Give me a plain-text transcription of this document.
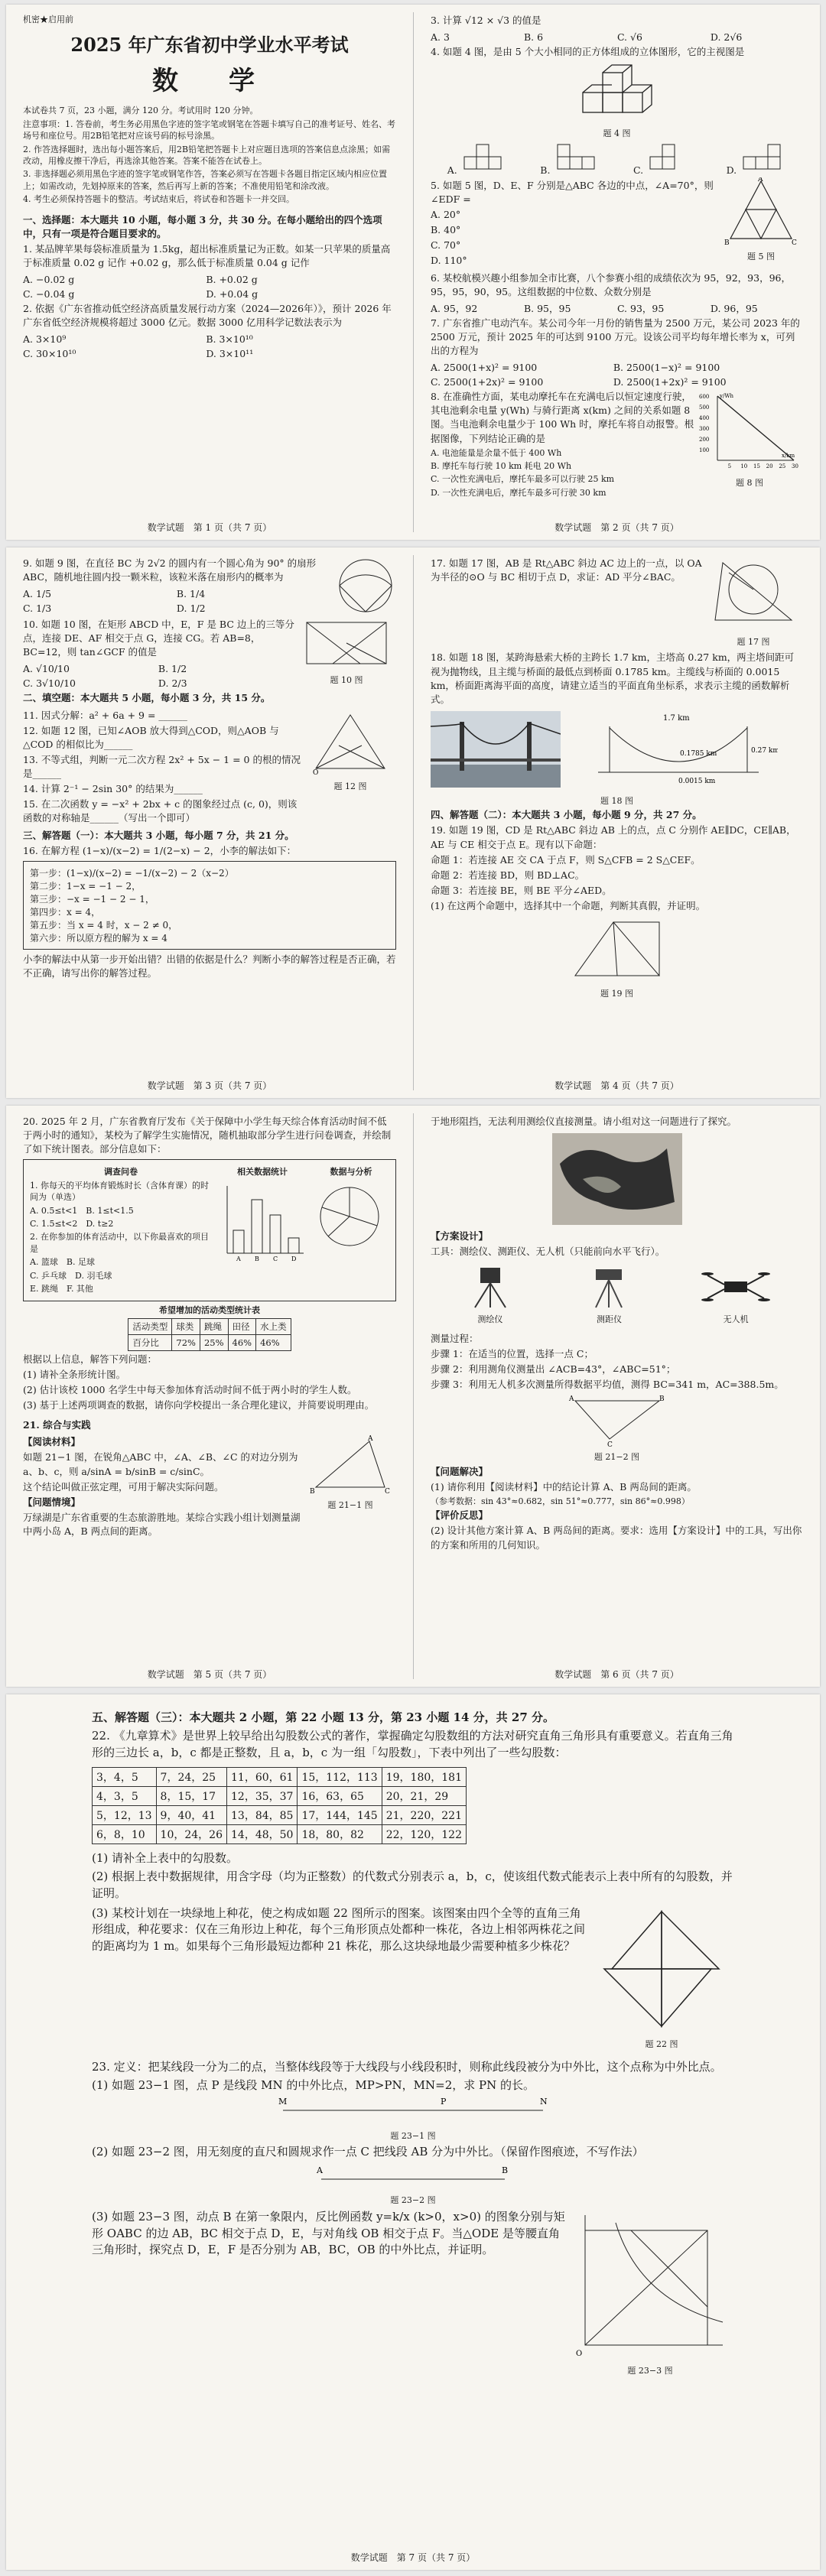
机密★启用前
2025 年广东省初中学业水平考试
数　学
本试卷共 7 页，23 小题，满分 120 分。考试用时 120 分钟。
注意事项：1. 答卷前，考生务必用黑色字迹的签字笔或钢笔在答题卡填写自己的准考证号、姓名、考场号和座位号。用2B铅笔把对应该号码的标号涂黑。
2. 作答选择题时，选出每小题答案后，用2B铅笔把答题卡上对应题目选项的答案信息点涂黑；如需改动，用橡皮擦干净后，再选涂其他答案。答案不能答在试卷上。
3. 非选择题必须用黑色字迹的签字笔或钢笔作答，答案必须写在答题卡各题目指定区域内相应位置上；如需改动，先划掉原来的答案，然后再写上新的答案；不准使用铅笔和涂改液。
4. 考生必须保持答题卡的整洁。考试结束后，将试卷和答题卡一并交回。
一、选择题：本大题共 10 小题，每小题 3 分，共 30 分。在每小题给出的四个选项中，只有一项是符合题目要求的。
1. 某品牌苹果每袋标准质量为 1.5kg，超出标准质量记为正数。如某一只苹果的质量高于标准质量 0.02 g 记作 +0.02 g，那么低于标准质量 0.04 g 记作
A. −0.02 g	B. +0.02 g C. −0.04 g	D. +0.04 g
2. 依据《广东省推动低空经济高质量发展行动方案（2024—2026年）》，预计 2026 年广东省低空经济规模将超过 3000 亿元。数据 3000 亿用科学记数法表示为
A. 3×10⁹	B. 3×10¹⁰ C. 30×10¹⁰	D. 3×10¹¹
数学试题　第 1 页（共 7 页）
3. 计算 √12 × √3 的值是
A. 3	B. 6	C. √6	D. 2√6
4. 如题 4 图，是由 5 个大小相同的正方体组成的立体图形，它的主视图是
题 4 图
A.	B.	C.	D.
5. 如题 5 图，D、E、F 分别是△ABC 各边的中点，∠A=70°，则∠EDF =
A. 20°
B. 40°
C. 70°
D. 110°
A
B	C
题 5 图
6. 某校航模兴趣小组参加全市比赛，八个参赛小组的成绩依次为 95，92，93，96，95，95，90，95。这组数据的中位数、众数分别是
A. 95，92	B. 95，95	C. 93，95	D. 96，95
7. 广东省推广电动汽车。某公司今年一月份的销售量为 2500 万元，某公司 2023 年的 2500 万元，预计 2025 年的可达到 9100 万元。设该公司平均每年增长率为 x，可列出的方程为
A. 2500(1+x)² = 9100	B. 2500(1−x)² = 9100 C. 2500(1+2x)² = 9100	D. 2500(1+2x)² = 9100
8. 在准确性方面，某电动摩托车在充满电后以恒定速度行驶，其电池剩余电量 y(Wh) 与骑行距离 x(km) 之间的关系如题 8 图。当电池剩余电量少于 100 Wh 时，摩托车将自动报警。根据图像，下列结论正确的是
A. 电池能量是余量不低于 400 Wh
B. 摩托车每行驶 10 km 耗电 20 Wh
C. 一次性充满电后，摩托车最多可以行驶 25 km
D. 一次性充满电后，摩托车最多可行驶 30 km
5 10 15 20 25 30
100
200
300
400
500
600
x/km
y/Wh
题 8 图
数学试题　第 2 页（共 7 页）
9. 如题 9 图，在直径 BC 为 2√2 的圆内有一个圆心角为 90° 的扇形 ABC，随机地往圆内投一颗米粒，该粒米落在扇形内的概率为
A. 1/5	B. 1/4 C. 1/3	D. 1/2
10. 如题 10 图，在矩形 ABCD 中，E，F 是 BC 边上的三等分点，连接 DE、AF 相交于点 G，连接 CG。若 AB=8，BC=12，则 tan∠GCF 的值是
A. √10/10	B. 1/2 C. 3√10/10	D. 2/3	题 10 图
二、填空题：本大题共 5 小题，每小题 3 分，共 15 分。
11. 因式分解：a² + 6a + 9 = ______
12. 如题 12 图，已知∠AOB 放大得到△COD，则△AOB 与△COD 的相似比为______
13. 不等式组，判断一元二次方程 2x² + 5x − 1 = 0 的根的情况是______
14. 计算 2⁻¹ − 2sin 30° 的结果为______
15. 在二次函数 y = −x² + 2bx + c 的图象经过点 (c, 0)，则该函数的对称轴是______（写出一个即可）
O
题 12 图
三、解答题（一）：本大题共 3 小题，每小题 7 分，共 21 分。
16. 在解方程 (1−x)/(x−2) = 1/(2−x) − 2，小李的解法如下：
第一步：(1−x)/(x−2) = −1/(x−2) − 2（x−2）
第二步：1−x = −1 − 2，
第三步：−x = −1 − 2 − 1，
第四步：x = 4，
第五步：当 x = 4 时，x − 2 ≠ 0，
第六步：所以原方程的解为 x = 4
小李的解法中从第一步开始出错？出错的依据是什么？判断小李的解答过程是否正确，若不正确，请写出你的解答过程。
数学试题　第 3 页（共 7 页）
17. 如题 17 图，AB 是 Rt△ABC 斜边 AC 边上的一点，以 OA 为半径的⊙O 与 BC 相切于点 D，求证：AD 平分∠BAC。
题 17 图
18. 如题 18 图，某跨海悬索大桥的主跨长 1.7 km，主塔高 0.27 km，两主塔间距可视为抛物线，且主缆与桥面的最低点到桥面 0.1785 km。主缆线与桥面的 0.0015 km，桥面距离海平面的高度，请建立适当的平面直角坐标系，求表示主缆的函数解析式。
1.7 km
0.1785 km	0.27 km
0.0015 km
题 18 图
四、解答题（二）：本大题共 3 小题，每小题 9 分，共 27 分。
19. 如题 19 图，CD 是 Rt△ABC 斜边 AB 上的点，点 C 分别作 AE∥DC，CE∥AB，AE 与 CE 相交于点 E。现有以下命题：
命题 1：若连接 AE 交 CA 于点 F，则 S△CFB = 2 S△CEF。
命题 2：若连接 BD，则 BD⊥AC。
命题 3：若连接 BE，则 BE 平分∠AED。
(1) 在这两个命题中，选择其中一个命题，判断其真假，并证明。
题 19 图
数学试题　第 4 页（共 7 页）
20. 2025 年 2 月，广东省教育厅发布《关于保障中小学生每天综合体育活动时间不低于两小时的通知》，某校为了解学生实施情况，随机抽取部分学生进行问卷调查，并绘制了如下统计图表。部分信息如下：
调查问卷
1. 你每天的平均体育锻炼时长（含体育课）的时间为（单选）
A. 0.5≤t<1　B. 1≤t<1.5
C. 1.5≤t<2　D. t≥2
2. 在你参加的体育活动中，以下你最喜欢的项目是
A. 篮球　B. 足球
C. 乒乓球　D. 羽毛球
E. 跳绳　F. 其他
相关数据统计
A B C D
数据与分析
希望增加的活动类型统计表
活动类型	球类	跳绳	田径	水上类
百分比	72%	25%	46%	46%
根据以上信息，解答下列问题：
(1) 请补全条形统计图。
(2) 估计该校 1000 名学生中每天参加体育活动时间不低于两小时的学生人数。
(3) 基于上述两项调查的数据，请你向学校提出一条合理化建议，并简要说明理由。
21. 综合与实践
【阅读材料】
如题 21−1 图，在锐角△ABC 中，∠A、∠B、∠C 的对边分别为 a、b、c，则 a/sinA = b/sinB = c/sinC。
这个结论叫做正弦定理，可用于解决实际问题。
【问题情境】
万绿湖是广东省重要的生态旅游胜地。某综合实践小组计划测量湖中两小岛 A，B 两点间的距离。
B	C
A
题 21−1 图
数学试题　第 5 页（共 7 页）
于地形阻挡，无法利用测绘仪直接测量。请小组对这一问题进行了探究。
【方案设计】
工具：测绘仪、测距仪、无人机（只能前向水平飞行）。
测绘仪	测距仪	无人机
测量过程：
步骤 1：在适当的位置，选择一点 C；
步骤 2：利用测角仪测量出 ∠ACB=43°，∠ABC=51°；
步骤 3：利用无人机多次测量所得数据平均值，测得 BC=341 m，AC=388.5m。
A	B
C
题 21−2 图
【问题解决】
(1) 请你利用【阅读材料】中的结论计算 A、B 两岛间的距离。
（参考数据：sin 43°≈0.682，sin 51°≈0.777，sin 86°≈0.998）
【评价反思】
(2) 设计其他方案计算 A、B 两岛间的距离。要求：选用【方案设计】中的工具，写出你的方案和所用的几何知识。
数学试题　第 6 页（共 7 页）
五、解答题（三）：本大题共 2 小题，第 22 小题 13 分，第 23 小题 14 分，共 27 分。
22. 《九章算术》是世界上较早给出勾股数公式的著作，掌握确定勾股数组的方法对研究直角三角形具有重要意义。若直角三角形的三边长 a，b，c 都是正整数，且 a，b，c 为一组「勾股数」，下表中列出了一些勾股数：
3，4，5	7，24，25	11，60，61	15，112，113	19，180，181
4，3，5	8，15，17	12，35，37	16，63，65	20，21，29
5，12，13	9，40，41	13，84，85	17，144，145	21，220，221
6，8，10	10，24，26	14，48，50	18，80，82	22，120，122
(1) 请补全上表中的勾股数。
(2) 根据上表中数据规律，用含字母（均为正整数）的代数式分别表示 a，b，c，使该组代数式能表示上表中所有的勾股数，并证明。
(3) 某校计划在一块绿地上种花，使之构成如题 22 图所示的图案。该图案由四个全等的直角三角形组成，种花要求：仅在三角形边上种花，每个三角形顶点处都种一株花，各边上相邻两株花之间的距离均为 1 m。如果每个三角形最短边都种 21 株花，那么这块绿地最少需要种植多少株花？
题 22 图
23. 定义：把某线段一分为二的点，当整体线段等于大线段与小线段积时，则称此线段被分为中外比，这个点称为中外比点。
(1) 如题 23−1 图，点 P 是线段 MN 的中外比点，MP>PN，MN=2，求 PN 的长。
M	P	N
题 23−1 图
(2) 如题 23−2 图，用无刻度的直尺和圆规求作一点 C 把线段 AB 分为中外比。（保留作图痕迹，不写作法）
A	B
题 23−2 图
(3) 如题 23−3 图，动点 B 在第一象限内，反比例函数 y=k/x (k>0，x>0) 的图象分别与矩形 OABC 的边 AB，BC 相交于点 D，E，与对角线 OB 相交于点 F。当△ODE 是等腰直角三角形时，探究点 D，E，F 是否分别为 AB，BC，OB 的中外比点，并证明。
O
题 23−3 图
数学试题　第 7 页（共 7 页）
